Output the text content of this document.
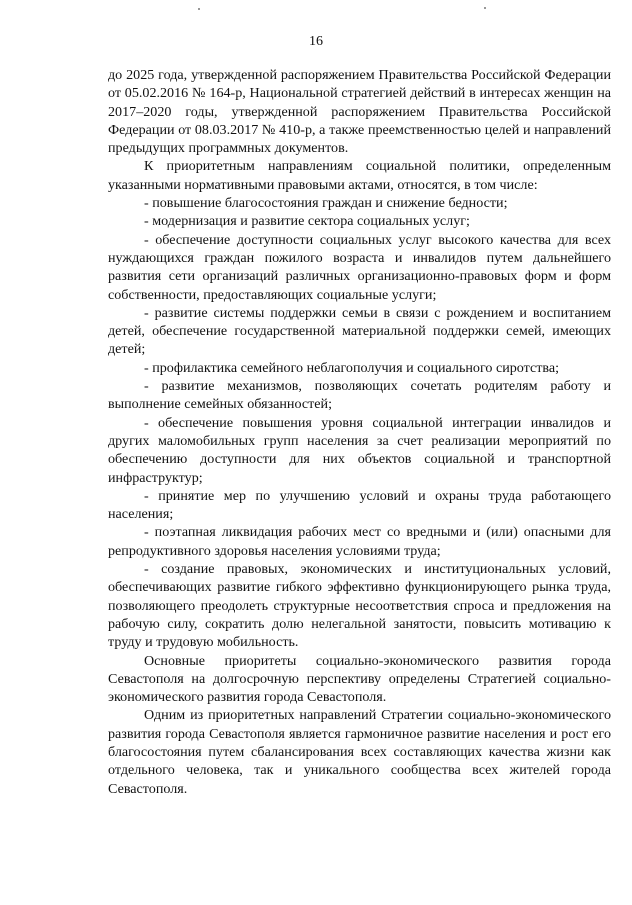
16

до 2025 года, утвержденной распоряжением Правительства Российской Федерации от 05.02.2016 № 164-р, Национальной стратегией действий в интересах женщин на 2017–2020 годы, утвержденной распоряжением Правительства Российской Федерации от 08.03.2017 № 410-р, а также преемственностью целей и направлений предыдущих программных документов.

К приоритетным направлениям социальной политики, определенным указанными нормативными правовыми актами, относятся, в том числе:

- повышение благосостояния граждан и снижение бедности;

- модернизация и развитие сектора социальных услуг;

- обеспечение доступности социальных услуг высокого качества для всех нуждающихся граждан пожилого возраста и инвалидов путем дальнейшего развития сети организаций различных организационно-правовых форм и форм собственности, предоставляющих социальные услуги;

- развитие системы поддержки семьи в связи с рождением и воспитанием детей, обеспечение государственной материальной поддержки семей, имеющих детей;

- профилактика семейного неблагополучия и социального сиротства;

- развитие механизмов, позволяющих сочетать родителям работу и выполнение семейных обязанностей;

- обеспечение повышения уровня социальной интеграции инвалидов и других маломобильных групп населения за счет реализации мероприятий по обеспечению доступности для них объектов социальной и транспортной инфраструктур;

- принятие мер по улучшению условий и охраны труда работающего населения;

- поэтапная ликвидация рабочих мест со вредными и (или) опасными для репродуктивного здоровья населения условиями труда;

- создание правовых, экономических и институциональных условий, обеспечивающих развитие гибкого эффективно функционирующего рынка труда, позволяющего преодолеть структурные несоответствия спроса и предложения на рабочую силу, сократить долю нелегальной занятости, повысить мотивацию к труду и трудовую мобильность.

Основные приоритеты социально-экономического развития города Севастополя на долгосрочную перспективу определены Стратегией социально-экономического развития города Севастополя.

Одним из приоритетных направлений Стратегии социально-экономического развития города Севастополя является гармоничное развитие населения и рост его благосостояния путем сбалансирования всех составляющих качества жизни как отдельного человека, так и уникального сообщества всех жителей города Севастополя.
